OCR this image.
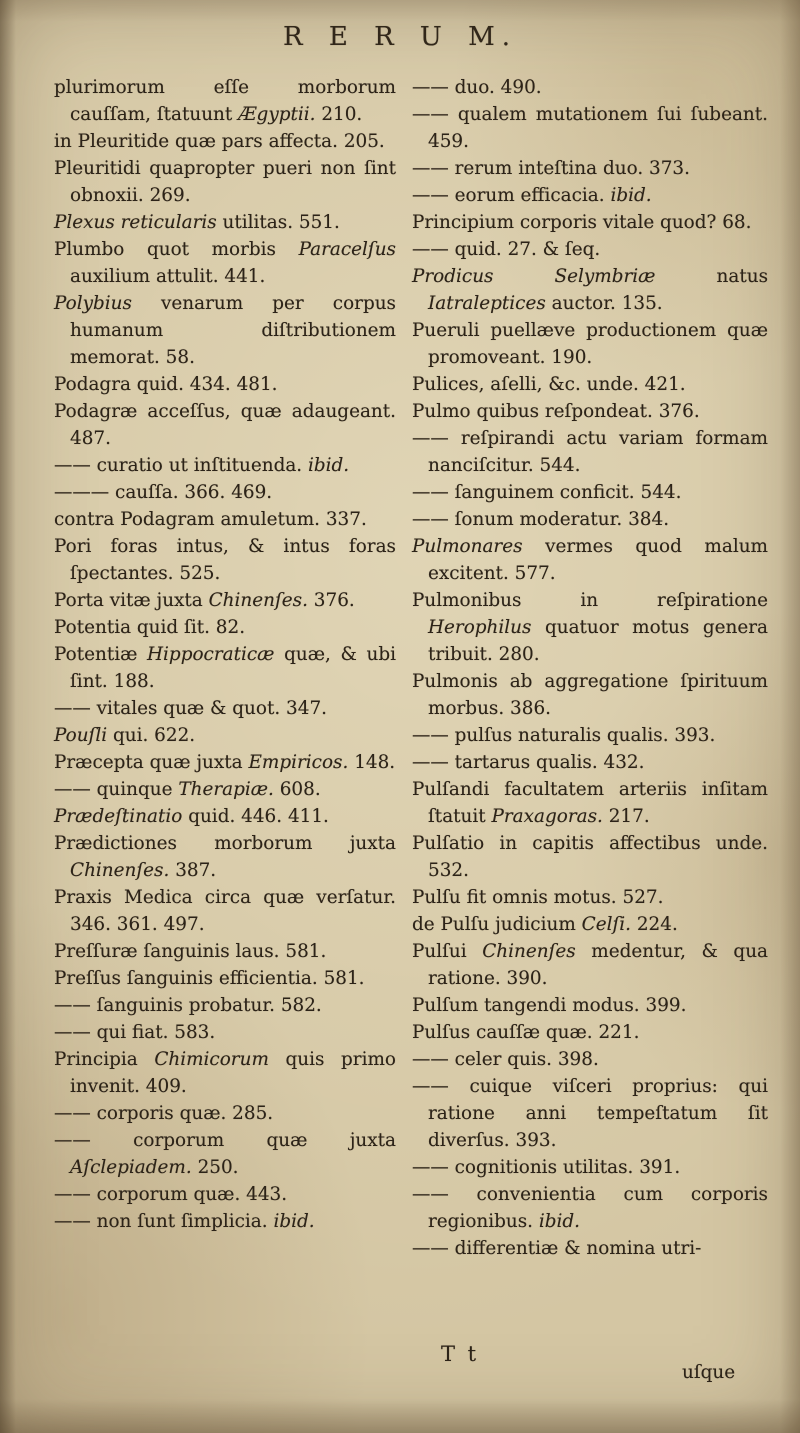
R E R U M.

plurimorum eſſe morborum cauſſam, ſtatuunt Ægyptii. 210.

in Pleuritide quæ pars affecta. 205.

Pleuritidi quapropter pueri non ſint obnoxii. 269.

Plexus reticularis utilitas. 551.

Plumbo quot morbis Paracelſus auxilium attulit. 441.

Polybius venarum per corpus humanum diſtributionem memorat. 58.

Podagra quid. 434. 481.

Podagræ acceſſus, quæ adaugeant. 487.

—— curatio ut inſtituenda. ibid.

——— cauſſa. 366. 469.

contra Podagram amuletum. 337.

Pori foras intus, & intus foras ſpectantes. 525.

Porta vitæ juxta Chinenſes. 376.

Potentia quid ſit. 82.

Potentiæ Hippocraticæ quæ, & ubi ſint. 188.

—— vitales quæ & quot. 347.

Pouſli qui. 622.

Præcepta quæ juxta Empiricos. 148.

—— quinque Therapiæ. 608.

Prædeſtinatio quid. 446. 411.

Prædictiones morborum juxta Chinenſes. 387.

Praxis Medica circa quæ verſatur. 346. 361. 497.

Preſſuræ ſanguinis laus. 581.

Preſſus ſanguinis efficientia. 581.

—— ſanguinis probatur. 582.

—— qui fiat. 583.

Principia Chimicorum quis primo invenit. 409.

—— corporis quæ. 285.

—— corporum quæ juxta Aſclepiadem. 250.

—— corporum quæ. 443.

—— non ſunt ſimplicia. ibid.

—— duo. 490.

—— qualem mutationem ſui ſubeant. 459.

—— rerum inteſtina duo. 373.

—— eorum efficacia. ibid.

Principium corporis vitale quod? 68.

—— quid. 27. & ſeq.

Prodicus Selymbriæ natus Iatraleptices auctor. 135.

Pueruli puellæve productionem quæ promoveant. 190.

Pulices, aſelli, &c. unde. 421.

Pulmo quibus reſpondeat. 376.

—— reſpirandi actu variam formam nanciſcitur. 544.

—— ſanguinem conficit. 544.

—— ſonum moderatur. 384.

Pulmonares vermes quod malum excitent. 577.

Pulmonibus in reſpiratione Herophilus quatuor motus genera tribuit. 280.

Pulmonis ab aggregatione ſpirituum morbus. 386.

—— pulſus naturalis qualis. 393.

—— tartarus qualis. 432.

Pulſandi facultatem arteriis inſitam ſtatuit Praxagoras. 217.

Pulſatio in capitis affectibus unde. 532.

Pulſu fit omnis motus. 527.

de Pulſu judicium Celſi. 224.

Pulſui Chinenſes medentur, & qua ratione. 390.

Pulſum tangendi modus. 399.

Pulſus cauſſæ quæ. 221.

—— celer quis. 398.

—— cuique viſceri proprius: qui ratione anni tempeſtatum ſit diverſus. 393.

—— cognitionis utilitas. 391.

—— convenientia cum corporis regionibus. ibid.

—— differentiæ & nomina utri-

T t
uſque
